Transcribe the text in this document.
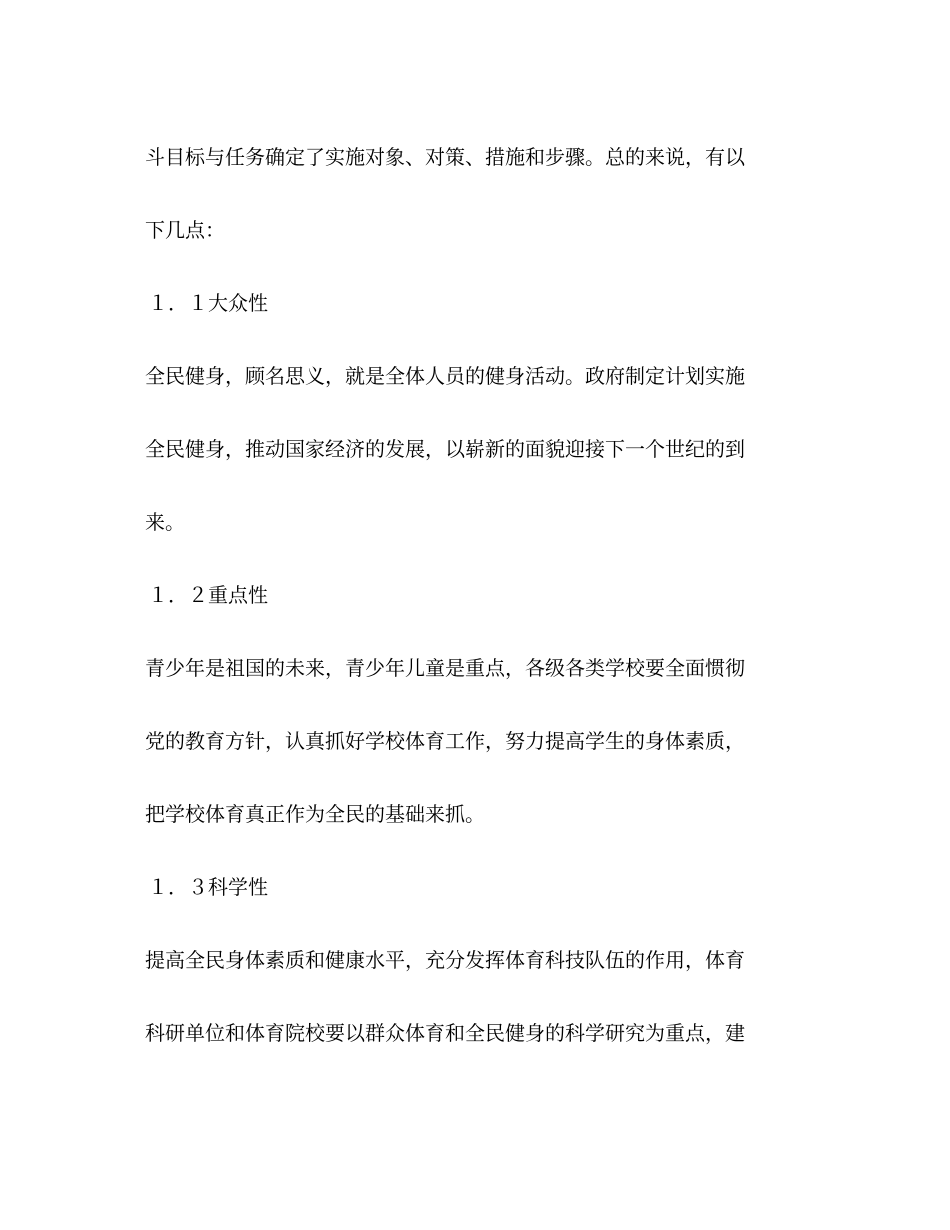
斗目标与任务确定了实施对象、对策、措施和步骤。总的来说，有以
下几点：
１．１大众性
全民健身，顾名思义，就是全体人员的健身活动。政府制定计划实施
全民健身，推动国家经济的发展，以崭新的面貌迎接下一个世纪的到
来。
１．２重点性
青少年是祖国的未来，青少年儿童是重点，各级各类学校要全面惯彻
党的教育方针，认真抓好学校体育工作，努力提高学生的身体素质，
把学校体育真正作为全民的基础来抓。
１．３科学性
提高全民身体素质和健康水平，充分发挥体育科技队伍的作用，体育
科研单位和体育院校要以群众体育和全民健身的科学研究为重点，建
